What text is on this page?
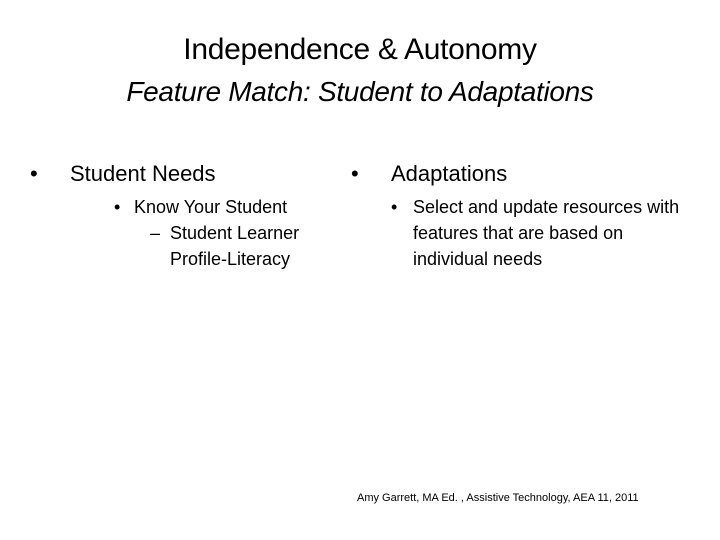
Independence & Autonomy
Feature Match: Student to Adaptations
• Student Needs
• Know Your Student
– Student Learner Profile-Literacy
• Adaptations
• Select and update resources with features that are based on individual needs
Amy Garrett, MA Ed. , Assistive Technology, AEA 11, 2011
